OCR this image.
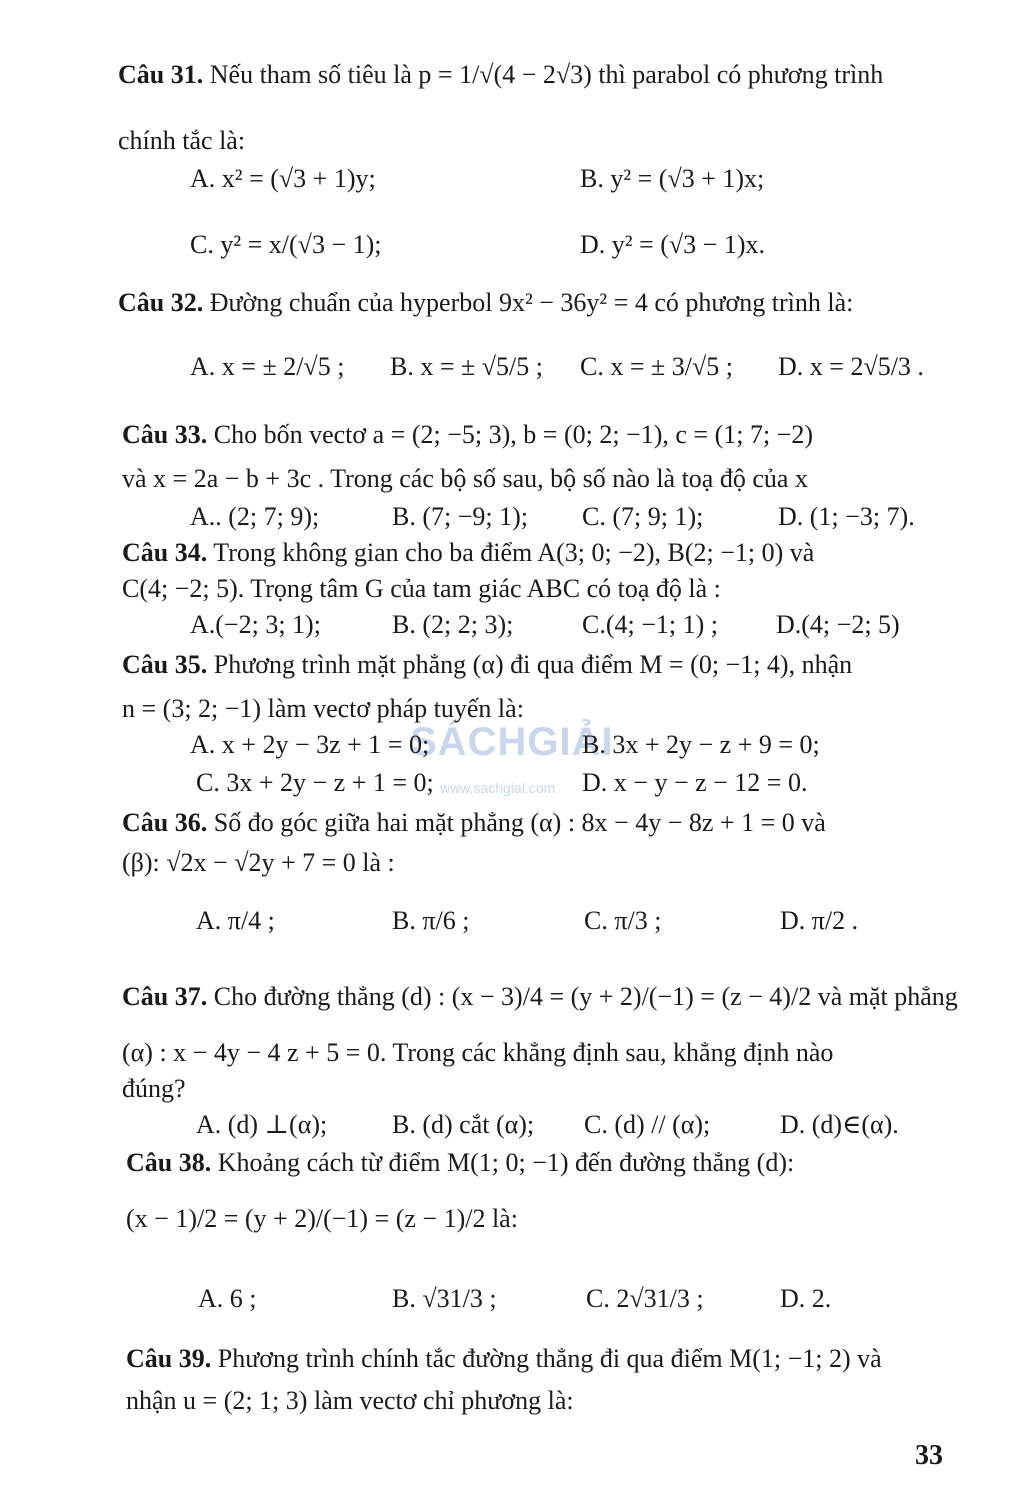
SÁCHGIẢI
www.sachgiai.com
Câu 31. Nếu tham số tiêu là p = 1/√(4 − 2√3) thì parabol có phương trình
chính tắc là:
A. x² = (√3 + 1)y;	B. y² = (√3 + 1)x;
C. y² = x/(√3 − 1);	D. y² = (√3 − 1)x.
Câu 32. Đường chuẩn của hyperbol 9x² − 36y² = 4 có phương trình là:
A. x = ± 2/√5 ; B. x = ± √5/5 ; C. x = ± 3/√5 ; D. x = 2√5/3 .
Câu 33. Cho bốn vectơ a = (2; −5; 3), b = (0; 2; −1), c = (1; 7; −2)
và x = 2a − b + 3c . Trong các bộ số sau, bộ số nào là toạ độ của x
A.. (2; 7; 9);	B. (7; −9; 1); C. (7; 9; 1);	D. (1; −3; 7).
Câu 34. Trong không gian cho ba điểm A(3; 0; −2), B(2; −1; 0) và
C(4; −2; 5). Trọng tâm G của tam giác ABC có toạ độ là :
A.(−2; 3; 1);	B. (2; 2; 3);	C.(4; −1; 1) ; D.(4; −2; 5)
Câu 35. Phương trình mặt phẳng (α) đi qua điểm M = (0; −1; 4), nhận
n = (3; 2; −1) làm vectơ pháp tuyến là:
A. x + 2y − 3z + 1 = 0;	B. 3x + 2y − z + 9 = 0;
C. 3x + 2y − z + 1 = 0;	D. x − y − z − 12 = 0.
Câu 36. Số đo góc giữa hai mặt phẳng (α) : 8x − 4y − 8z + 1 = 0 và
(β): √2x − √2y + 7 = 0 là :
A. π/4 ;	B. π/6 ;	C. π/3 ;	D. π/2 .
Câu 37. Cho đường thẳng (d) : (x − 3)/4 = (y + 2)/(−1) = (z − 4)/2 và mặt phẳng
(α) : x − 4y − 4 z + 5 = 0. Trong các khẳng định sau, khẳng định nào
đúng?
A. (d) ⊥(α); B. (d) cắt (α); C. (d) // (α);	D. (d)∈(α).
Câu 38. Khoảng cách từ điểm M(1; 0; −1) đến đường thẳng (d):
(x − 1)/2 = (y + 2)/(−1) = (z − 1)/2 là:
A. 6 ;	B. √31/3 ;	C. 2√31/3 ;	D. 2.
Câu 39. Phương trình chính tắc đường thẳng đi qua điểm M(1; −1; 2) và
nhận u = (2; 1; 3) làm vectơ chỉ phương là:
33
